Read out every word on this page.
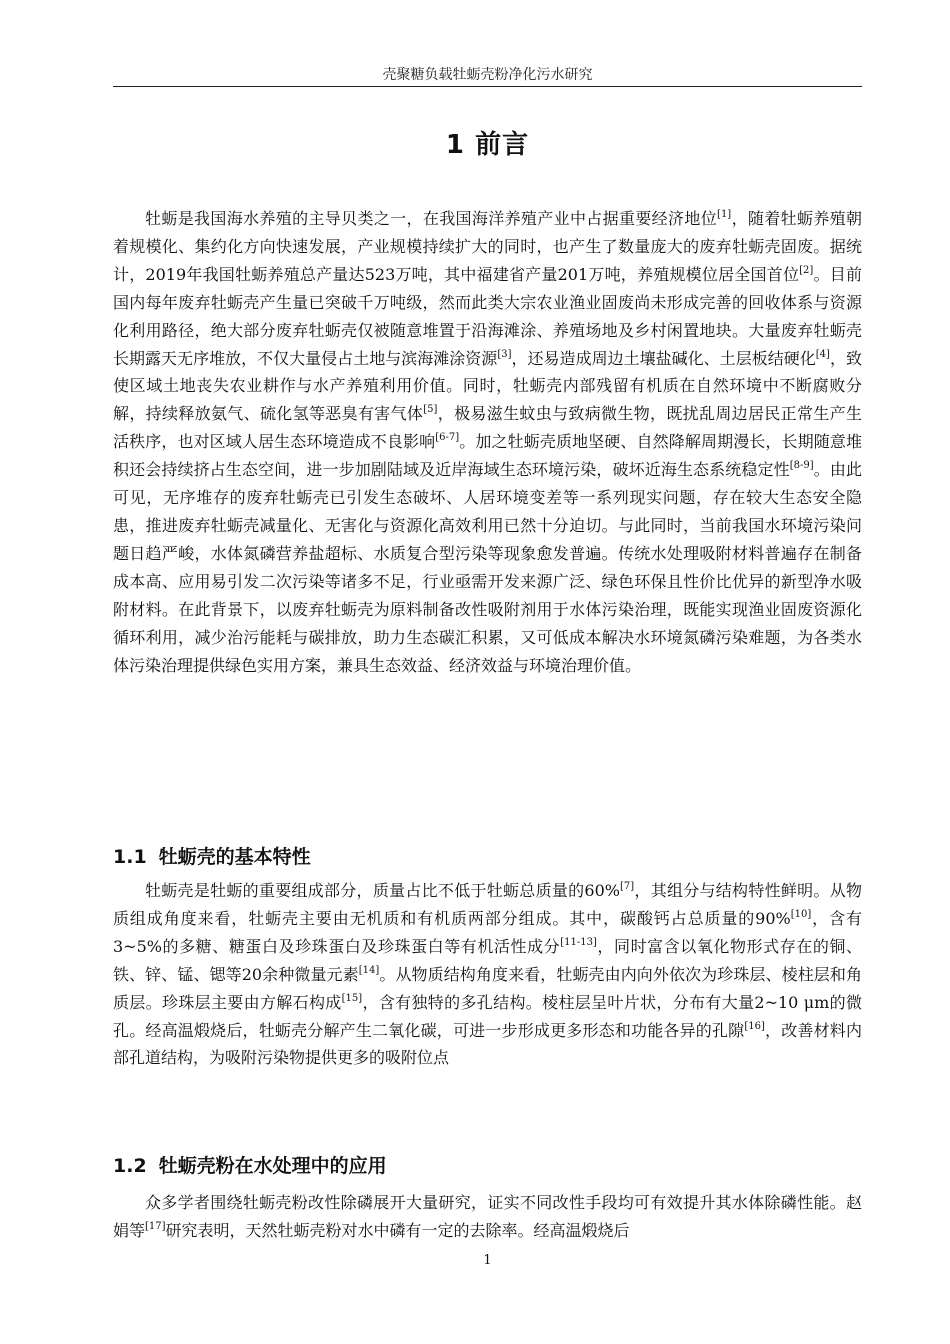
壳聚糖负载牡蛎壳粉净化污水研究
1 前言

牡蛎是我国海水养殖的主导贝类之一，在我国海洋养殖产业中占据重要经济地位[1]，随着牡蛎养殖朝着规模化、集约化方向快速发展，产业规模持续扩大的同时，也产生了数量庞大的废弃牡蛎壳固废。据统计，2019年我国牡蛎养殖总产量达523万吨，其中福建省产量201万吨，养殖规模位居全国首位[2]。目前国内每年废弃牡蛎壳产生量已突破千万吨级，然而此类大宗农业渔业固废尚未形成完善的回收体系与资源化利用路径，绝大部分废弃牡蛎壳仅被随意堆置于沿海滩涂、养殖场地及乡村闲置地块。大量废弃牡蛎壳长期露天无序堆放，不仅大量侵占土地与滨海滩涂资源[3]，还易造成周边土壤盐碱化、土层板结硬化[4]，致使区域土地丧失农业耕作与水产养殖利用价值。同时，牡蛎壳内部残留有机质在自然环境中不断腐败分解，持续释放氨气、硫化氢等恶臭有害气体[5]，极易滋生蚊虫与致病微生物，既扰乱周边居民正常生产生活秩序，也对区域人居生态环境造成不良影响[6-7]。加之牡蛎壳质地坚硬、自然降解周期漫长，长期随意堆积还会持续挤占生态空间，进一步加剧陆域及近岸海域生态环境污染，破坏近海生态系统稳定性[8-9]。由此可见，无序堆存的废弃牡蛎壳已引发生态破坏、人居环境变差等一系列现实问题，存在较大生态安全隐患，推进废弃牡蛎壳减量化、无害化与资源化高效利用已然十分迫切。与此同时，当前我国水环境污染问题日趋严峻，水体氮磷营养盐超标、水质复合型污染等现象愈发普遍。传统水处理吸附材料普遍存在制备成本高、应用易引发二次污染等诸多不足，行业亟需开发来源广泛、绿色环保且性价比优异的新型净水吸附材料。在此背景下，以废弃牡蛎壳为原料制备改性吸附剂用于水体污染治理，既能实现渔业固废资源化循环利用，减少治污能耗与碳排放，助力生态碳汇积累，又可低成本解决水环境氮磷污染难题，为各类水体污染治理提供绿色实用方案，兼具生态效益、经济效益与环境治理价值。

1.1 牡蛎壳的基本特性

牡蛎壳是牡蛎的重要组成部分，质量占比不低于牡蛎总质量的60%[7]，其组分与结构特性鲜明。从物质组成角度来看，牡蛎壳主要由无机质和有机质两部分组成。其中，碳酸钙占总质量的90%[10]，含有3~5%的多糖、糖蛋白及珍珠蛋白及珍珠蛋白等有机活性成分[11-13]，同时富含以氧化物形式存在的铜、铁、锌、锰、锶等20余种微量元素[14]。从物质结构角度来看，牡蛎壳由内向外依次为珍珠层、棱柱层和角质层。珍珠层主要由方解石构成[15]，含有独特的多孔结构。棱柱层呈叶片状，分布有大量2~10 μm的微孔。经高温煅烧后，牡蛎壳分解产生二氧化碳，可进一步形成更多形态和功能各异的孔隙[16]，改善材料内部孔道结构，为吸附污染物提供更多的吸附位点

1.2 牡蛎壳粉在水处理中的应用

众多学者围绕牡蛎壳粉改性除磷展开大量研究，证实不同改性手段均可有效提升其水体除磷性能。赵娟等[17]研究表明，天然牡蛎壳粉对水中磷有一定的去除率。经高温煅烧后

1
